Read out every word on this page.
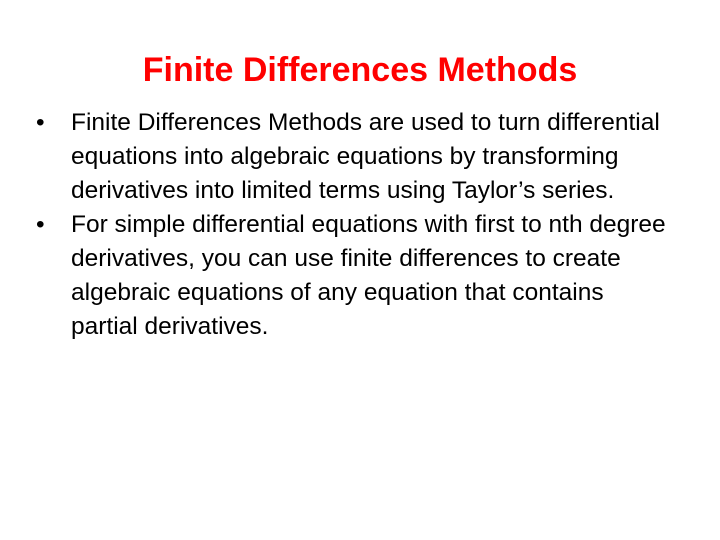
Finite Differences Methods
•	Finite Differences Methods are used to turn differential equations into algebraic equations by transforming derivatives into limited terms using Taylor’s series.
•	For simple differential equations with first to nth degree derivatives, you can use finite differences to create algebraic equations of any equation that contains partial derivatives.
